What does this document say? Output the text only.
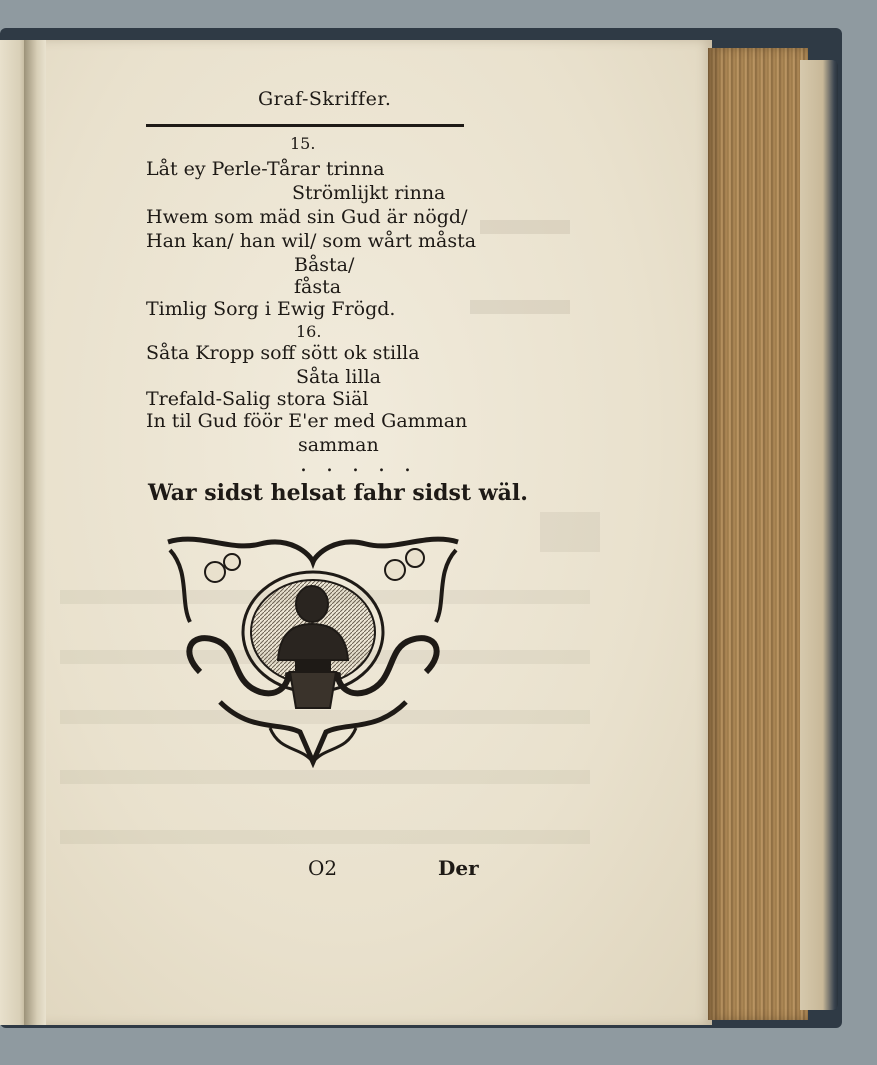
Graf-Skriffer.
15.
Låt ey Perle-Tårar trinna
Strömlijkt rinna
Hwem som mäd sin Gud är nögd/
Han kan/ han wil/ som wårt måsta
Båsta/
fåsta
Timlig Sorg i Ewig Frögd.
16.
Såta Kropp soff sött ok stilla
Såta lilla
Trefald-Salig stora Siäl
In til Gud föör E'er med Gamman
samman
. . . . .
War sidst helsat fahr sidst wäl.
O2	Der
